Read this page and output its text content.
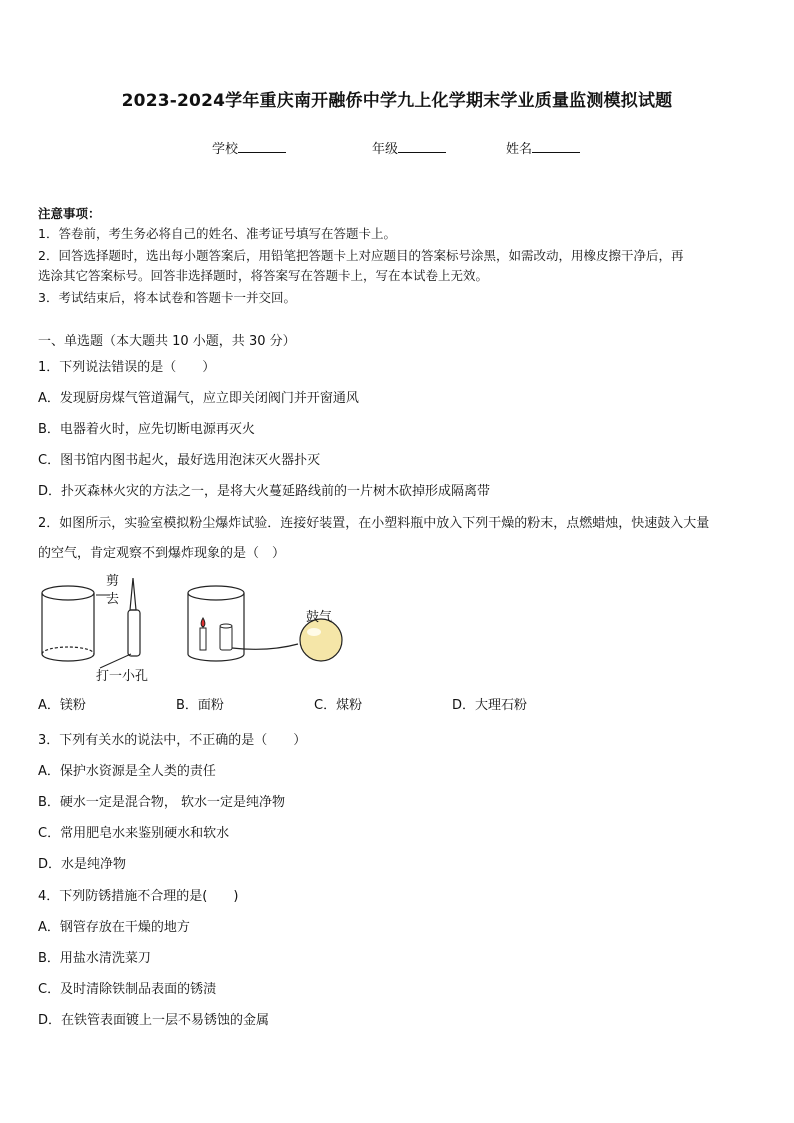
2023-2024学年重庆南开融侨中学九上化学期末学业质量监测模拟试题
学校	年级	姓名
注意事项：
1．答卷前，考生务必将自己的姓名、准考证号填写在答题卡上。
2．回答选择题时，选出每小题答案后，用铅笔把答题卡上对应题目的答案标号涂黑，如需改动，用橡皮擦干净后，再
选涂其它答案标号。回答非选择题时，将答案写在答题卡上，写在本试卷上无效。
3．考试结束后，将本试卷和答题卡一并交回。
一、单选题（本大题共 10 小题，共 30 分）
1．下列说法错误的是（　　）
A．发现厨房煤气管道漏气，应立即关闭阀门并开窗通风
B．电器着火时，应先切断电源再灭火
C．图书馆内图书起火，最好选用泡沫灭火器扑灭
D．扑灭森林火灾的方法之一，是将大火蔓延路线前的一片树木砍掉形成隔离带
2．如图所示，实验室模拟粉尘爆炸试验．连接好装置，在小塑料瓶中放入下列干燥的粉末，点燃蜡烛，快速鼓入大量
的空气，肯定观察不到爆炸现象的是（　）
剪
去
打一小孔
鼓气
A．镁粉	B．面粉	C．煤粉	D．大理石粉
3．下列有关水的说法中，不正确的是（　　）
A．保护水资源是全人类的责任
B．硬水一定是混合物， 软水一定是纯净物
C．常用肥皂水来鉴别硬水和软水
D．水是纯净物
4．下列防锈措施不合理的是(　　)
A．钢管存放在干燥的地方
B．用盐水清洗菜刀
C．及时清除铁制品表面的锈渍
D．在铁管表面镀上一层不易锈蚀的金属
